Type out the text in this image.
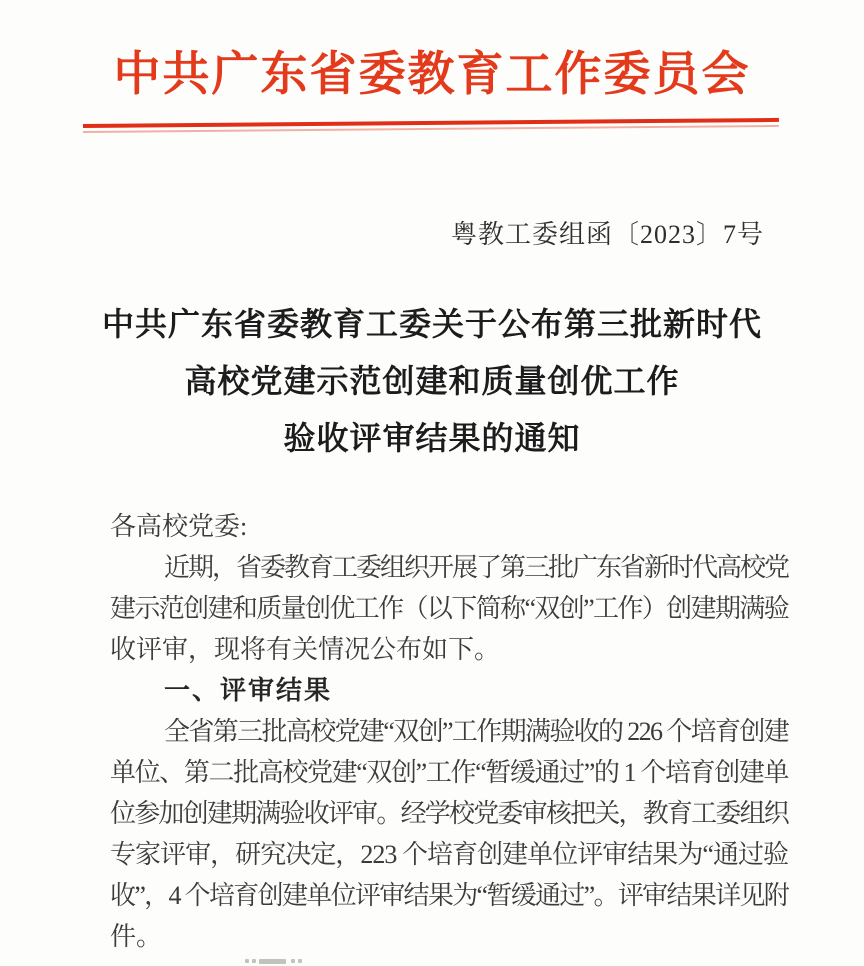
中共广东省委教育工作委员会
粤教工委组函〔2023〕7号
中共广东省委教育工委关于公布第三批新时代
高校党建示范创建和质量创优工作
验收评审结果的通知
各高校党委:
近期，省委教育工委组织开展了第三批广东省新时代高校党
建示范创建和质量创优工作（以下简称“双创”工作）创建期满验
收评审，现将有关情况公布如下。
一、评审结果
全省第三批高校党建“双创”工作期满验收的 226 个培育创建
单位、第二批高校党建“双创”工作“暂缓通过”的 1 个培育创建单
位参加创建期满验收评审。经学校党委审核把关，教育工委组织
专家评审，研究决定，223 个培育创建单位评审结果为“通过验
收”，4 个培育创建单位评审结果为“暂缓通过”。评审结果详见附
件。
